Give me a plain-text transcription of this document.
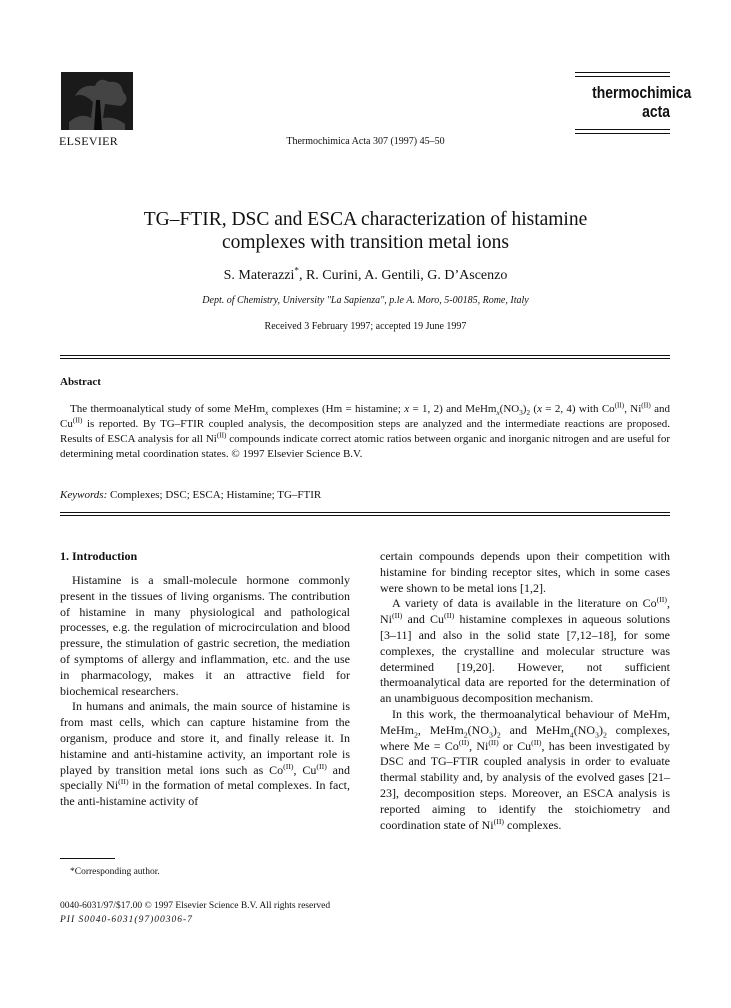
ELSEVIER	Thermochimica Acta 307 (1997) 45–50
thermochimica
acta
TG–FTIR, DSC and ESCA characterization of histamine
complexes with transition metal ions
S. Materazzi*, R. Curini, A. Gentili, G. D’Ascenzo
Dept. of Chemistry, University "La Sapienza", p.le A. Moro, 5-00185, Rome, Italy
Received 3 February 1997; accepted 19 June 1997
Abstract
The thermoanalytical study of some MeHm$_x$ complexes (Hm = histamine; x = 1, 2) and $MeHm_x(NO_3)_2$ (x = 2, 4) with $Co^{(II)}$, $Ni^{(II)}$ and $Cu^{(II)}$ is reported. By TG–FTIR coupled analysis, the decomposition steps are analyzed and the intermediate reactions are proposed. Results of ESCA analysis for all $Ni^{(II)}$ compounds indicate correct atomic ratios between organic and inorganic nitrogen and are useful for determining metal coordination states. © 1997 Elsevier Science B.V.
Keywords: Complexes; DSC; ESCA; Histamine; TG–FTIR
1. Introduction

Histamine is a small-molecule hormone commonly present in the tissues of living organisms. The contribution of histamine in many physiological and pathological processes, e.g. the regulation of microcirculation and blood pressure, the stimulation of gastric secretion, the mediation of symptoms of allergy and inflammation, etc. and the use in pharmacology, makes it an attractive field for biochemical researchers.

In humans and animals, the main source of histamine is from mast cells, which can capture histamine from the organism, produce and store it, and finally release it. In histamine and anti-histamine activity, an important role is played by transition metal ions such as $Co^{(II)}$, $Cu^{(II)}$ and specially $Ni^{(II)}$ in the formation of metal complexes. In fact, the anti-histamine activity of

certain compounds depends upon their competition with histamine for binding receptor sites, which in some cases were shown to be metal ions [1,2].

A variety of data is available in the literature on $Co^{(II)}$, $Ni^{(II)}$ and $Cu^{(II)}$ histamine complexes in aqueous solutions [3–11] and also in the solid state [7,12–18], for some complexes, the crystalline and molecular structure was determined [19,20]. However, not sufficient thermoanalytical data are reported for the determination of an unambiguous decomposition mechanism.

In this work, the thermoanalytical behaviour of MeHm, MeHm$_2$, $MeHm_2(NO_3)_2$ and $MeHm_4(NO_3)_2$ complexes, where $Me = Co^{(II)}$, $Ni^{(II)}$ or $Cu^{(II)}$, has been investigated by DSC and TG–FTIR coupled analysis in order to evaluate thermal stability and, by analysis of the evolved gases [21–23], decomposition steps. Moreover, an ESCA analysis is reported aiming to identify the stoichiometry and coordination state of $Ni^{(II)}$ complexes.

*Corresponding author.
0040-6031/97/$17.00 © 1997 Elsevier Science B.V. All rights reserved
PII S0040-6031(97)00306-7
